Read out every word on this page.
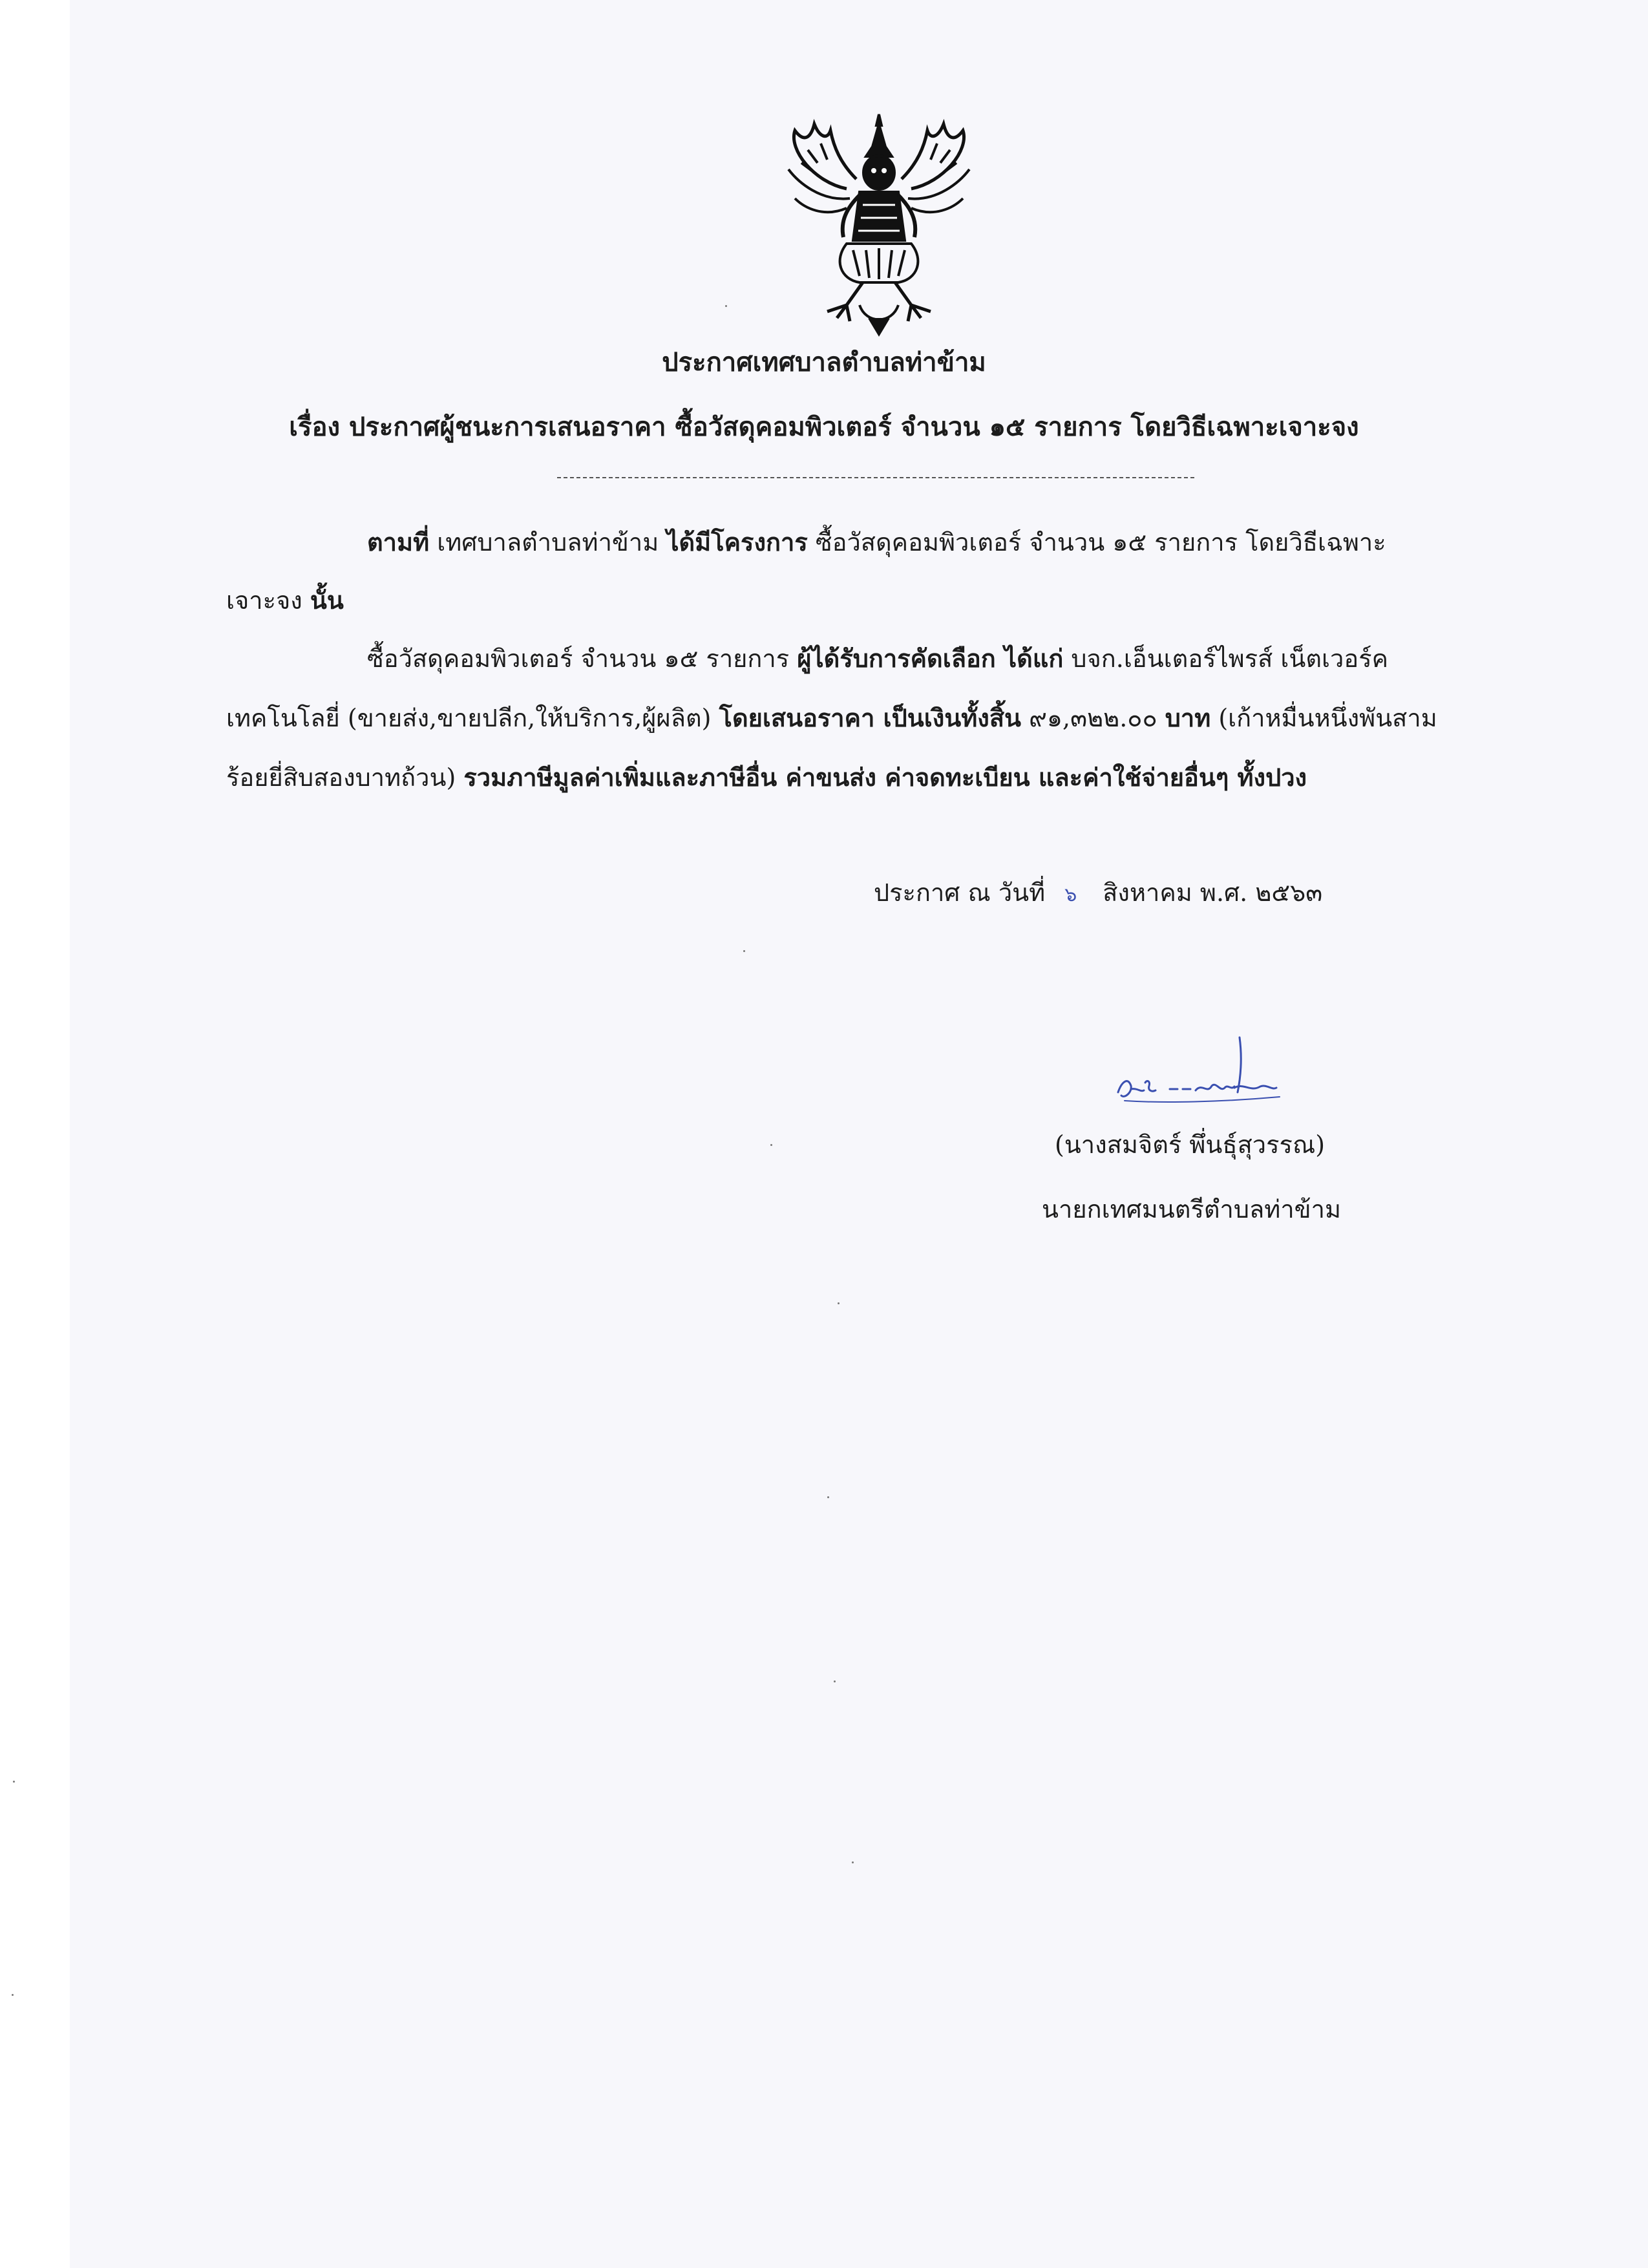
ประกาศเทศบาลตำบลท่าข้าม
เรื่อง ประกาศผู้ชนะการเสนอราคา ซื้อวัสดุคอมพิวเตอร์ จำนวน ๑๕ รายการ โดยวิธีเฉพาะเจาะจง
ตามที่ เทศบาลตำบลท่าข้าม ได้มีโครงการ ซื้อวัสดุคอมพิวเตอร์ จำนวน ๑๕ รายการ โดยวิธีเฉพาะ
เจาะจง นั้น
ซื้อวัสดุคอมพิวเตอร์ จำนวน ๑๕ รายการ ผู้ได้รับการคัดเลือก ได้แก่ บจก.เอ็นเตอร์ไพรส์ เน็ตเวอร์ค
เทคโนโลยี่ (ขายส่ง,ขายปลีก,ให้บริการ,ผู้ผลิต) โดยเสนอราคา เป็นเงินทั้งสิ้น ๙๑,๓๒๒.๐๐ บาท (เก้าหมื่นหนึ่งพันสาม
ร้อยยี่สิบสองบาทถ้วน) รวมภาษีมูลค่าเพิ่มและภาษีอื่น ค่าขนส่ง ค่าจดทะเบียน และค่าใช้จ่ายอื่นๆ ทั้งปวง
ประกาศ ณ วันที่ ๖ สิงหาคม พ.ศ. ๒๕๖๓
(นางสมจิตร์ พึ่นธุ์สุวรรณ)
นายกเทศมนตรีตำบลท่าข้าม
